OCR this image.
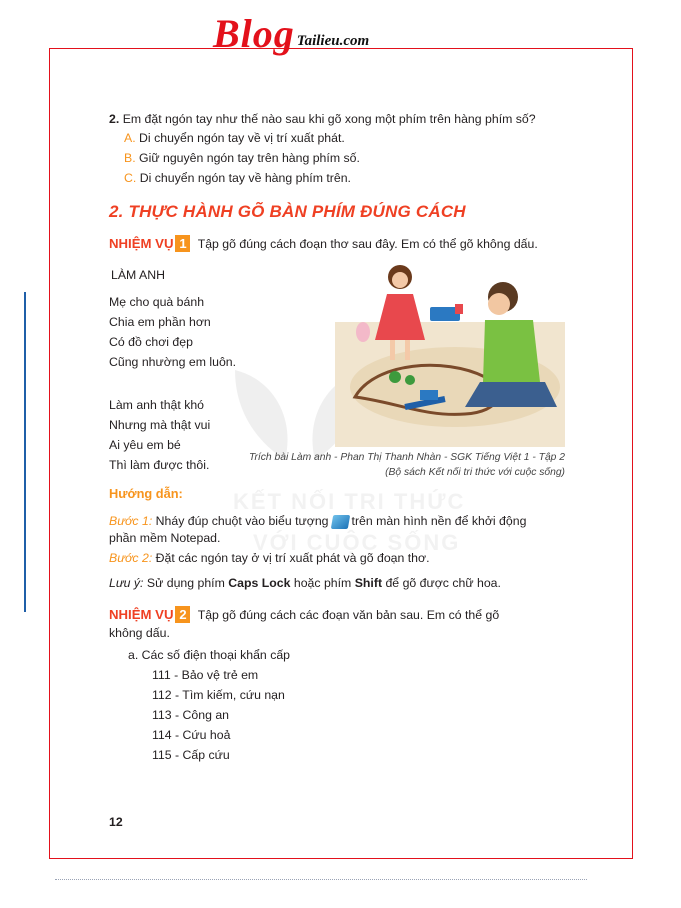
Blog Tailieu.com
KẾT NỐI TRI THỨC
VỚI CUỘC SỐNG
2. Em đặt ngón tay như thế nào sau khi gõ xong một phím trên hàng phím số?
A. Di chuyển ngón tay về vị trí xuất phát.
B. Giữ nguyên ngón tay trên hàng phím số.
C. Di chuyển ngón tay về hàng phím trên.
2. THỰC HÀNH GÕ BÀN PHÍM ĐÚNG CÁCH
NHIỆM VỤ 1 Tập gõ đúng cách đoạn thơ sau đây. Em có thể gõ không dấu.
LÀM ANH
Mẹ cho quà bánh
Chia em phần hơn
Có đồ chơi đẹp
Cũng nhường em luôn.
Làm anh thật khó
Nhưng mà thật vui
Ai yêu em bé
Thì làm được thôi.
Trích bài Làm anh - Phan Thị Thanh Nhàn - SGK Tiếng Việt 1 - Tập 2
(Bộ sách Kết nối tri thức với cuộc sống)
Hướng dẫn:
Bước 1: Nháy đúp chuột vào biểu tượng trên màn hình nền để khởi động
phần mềm Notepad.
Bước 2: Đặt các ngón tay ở vị trí xuất phát và gõ đoạn thơ.
Lưu ý: Sử dụng phím Caps Lock hoặc phím Shift để gõ được chữ hoa.
NHIỆM VỤ 2 Tập gõ đúng cách các đoạn văn bản sau. Em có thể gõ
không dấu.
a. Các số điện thoại khẩn cấp
111 - Bảo vệ trẻ em
112 - Tìm kiếm, cứu nạn
113 - Công an
114 - Cứu hoả
115 - Cấp cứu
12
